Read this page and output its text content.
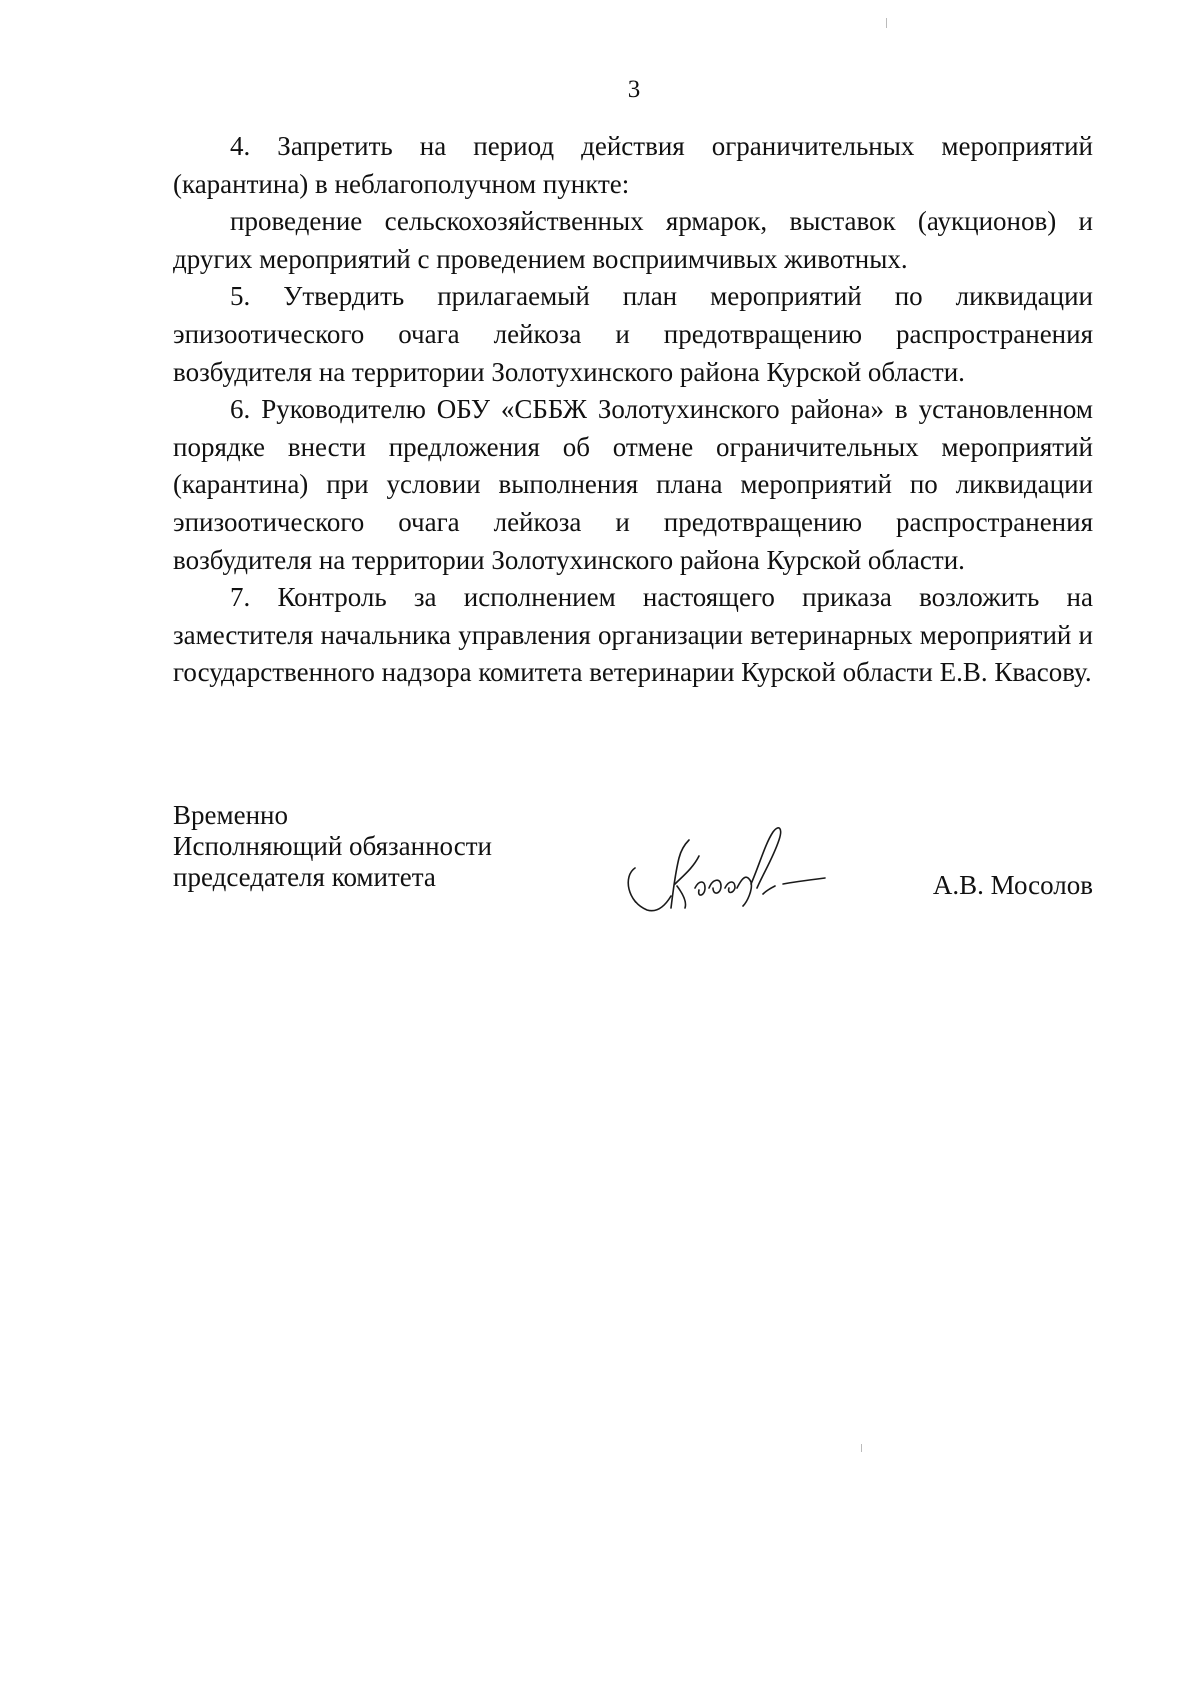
3

4. Запретить на период действия ограничительных мероприятий (карантина) в неблагополучном пункте:

проведение сельскохозяйственных ярмарок, выставок (аукционов) и других мероприятий с проведением восприимчивых животных.

5. Утвердить прилагаемый план мероприятий по ликвидации эпизоотического очага лейкоза и предотвращению распространения возбудителя на территории Золотухинского района Курской области.

6. Руководителю ОБУ «СББЖ Золотухинского района» в установленном порядке внести предложения об отмене ограничительных мероприятий (карантина) при условии выполнения плана мероприятий по ликвидации эпизоотического очага лейкоза и предотвращению распространения возбудителя на территории Золотухинского района Курской области.

7. Контроль за исполнением настоящего приказа возложить на заместителя начальника управления организации ветеринарных мероприятий и государственного надзора комитета ветеринарии Курской области Е.В. Квасову.

Временно
Исполняющий обязанности
председателя комитета	А.В. Мосолов
